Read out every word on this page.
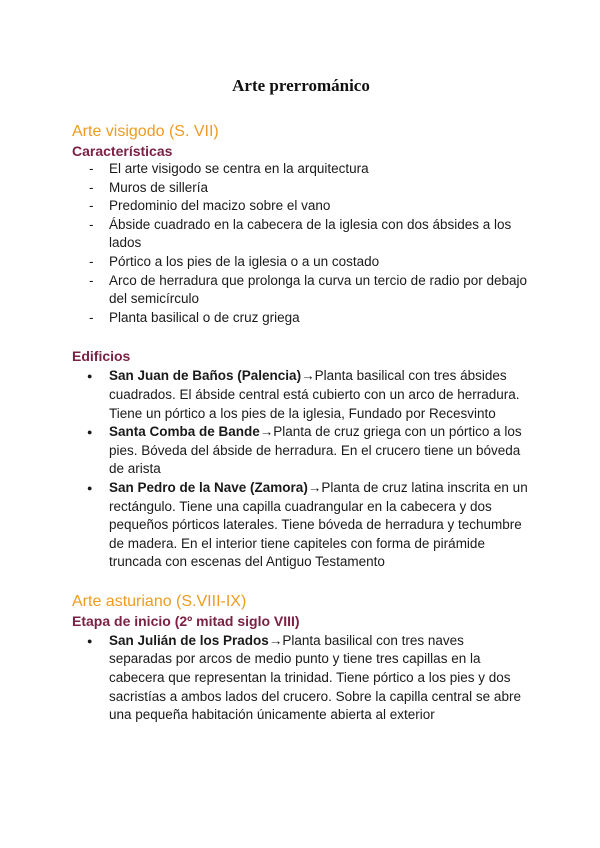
Arte prerrománico
Arte visigodo (S. VII)
Características
- El arte visigodo se centra en la arquitectura
- Muros de sillería
- Predominio del macizo sobre el vano
- Ábside cuadrado en la cabecera de la iglesia con dos ábsides a los lados
- Pórtico a los pies de la iglesia o a un costado
- Arco de herradura que prolonga la curva un tercio de radio por debajo del semicírculo
- Planta basilical o de cruz griega
Edificios
● San Juan de Baños (Palencia)→Planta basilical con tres ábsides cuadrados. El ábside central está cubierto con un arco de herradura. Tiene un pórtico a los pies de la iglesia, Fundado por Recesvinto
● Santa Comba de Bande→Planta de cruz griega con un pórtico a los pies. Bóveda del ábside de herradura. En el crucero tiene un bóveda de arista
● San Pedro de la Nave (Zamora)→Planta de cruz latina inscrita en un rectángulo. Tiene una capilla cuadrangular en la cabecera y dos pequeños pórticos laterales. Tiene bóveda de herradura y techumbre de madera. En el interior tiene capiteles con forma de pirámide truncada con escenas del Antiguo Testamento
Arte asturiano (S.VIII-IX)
Etapa de inicio (2º mitad siglo VIII)
● San Julián de los Prados→Planta basilical con tres naves separadas por arcos de medio punto y tiene tres capillas en la cabecera que representan la trinidad. Tiene pórtico a los pies y dos sacristías a ambos lados del crucero. Sobre la capilla central se abre una pequeña habitación únicamente abierta al exterior
